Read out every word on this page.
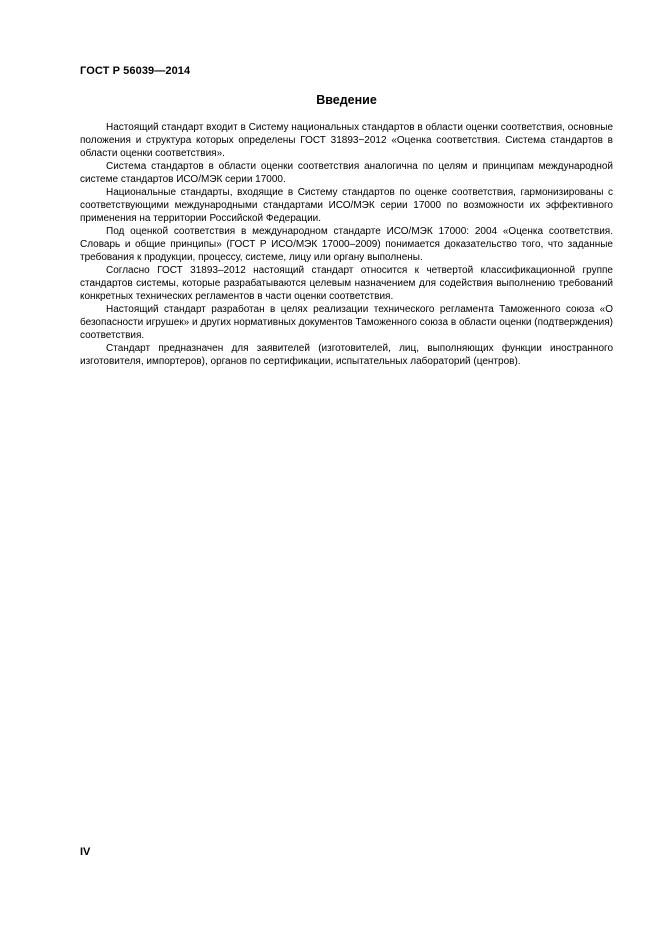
ГОСТ Р 56039—2014
Введение

Настоящий стандарт входит в Систему национальных стандартов в области оценки соответствия, основные положения и структура которых определены ГОСТ 31893−2012 «Оценка соответствия. Система стандартов в области оценки соответствия».

Система стандартов в области оценки соответствия аналогична по целям и принципам международной системе стандартов ИСО/МЭК серии 17000.

Национальные стандарты, входящие в Систему стандартов по оценке соответствия, гармонизированы с соответствующими международными стандартами ИСО/МЭК серии 17000 по возможности их эффективного применения на территории Российской Федерации.

Под оценкой соответствия в международном стандарте ИСО/МЭК 17000: 2004 «Оценка соответствия. Словарь и общие принципы» (ГОСТ Р ИСО/МЭК 17000–2009) понимается доказательство того, что заданные требования к продукции, процессу, системе, лицу или органу выполнены.

Согласно ГОСТ 31893–2012 настоящий стандарт относится к четвертой классификационной группе стандартов системы, которые разрабатываются целевым назначением для содействия выполнению требований конкретных технических регламентов в части оценки соответствия.

Настоящий стандарт разработан в целях реализации технического регламента Таможенного союза «О безопасности игрушек» и других нормативных документов Таможенного союза в области оценки (подтверждения) соответствия.

Стандарт предназначен для заявителей (изготовителей, лиц, выполняющих функции иностранного изготовителя, импортеров), органов по сертификации, испытательных лабораторий (центров).

IV
